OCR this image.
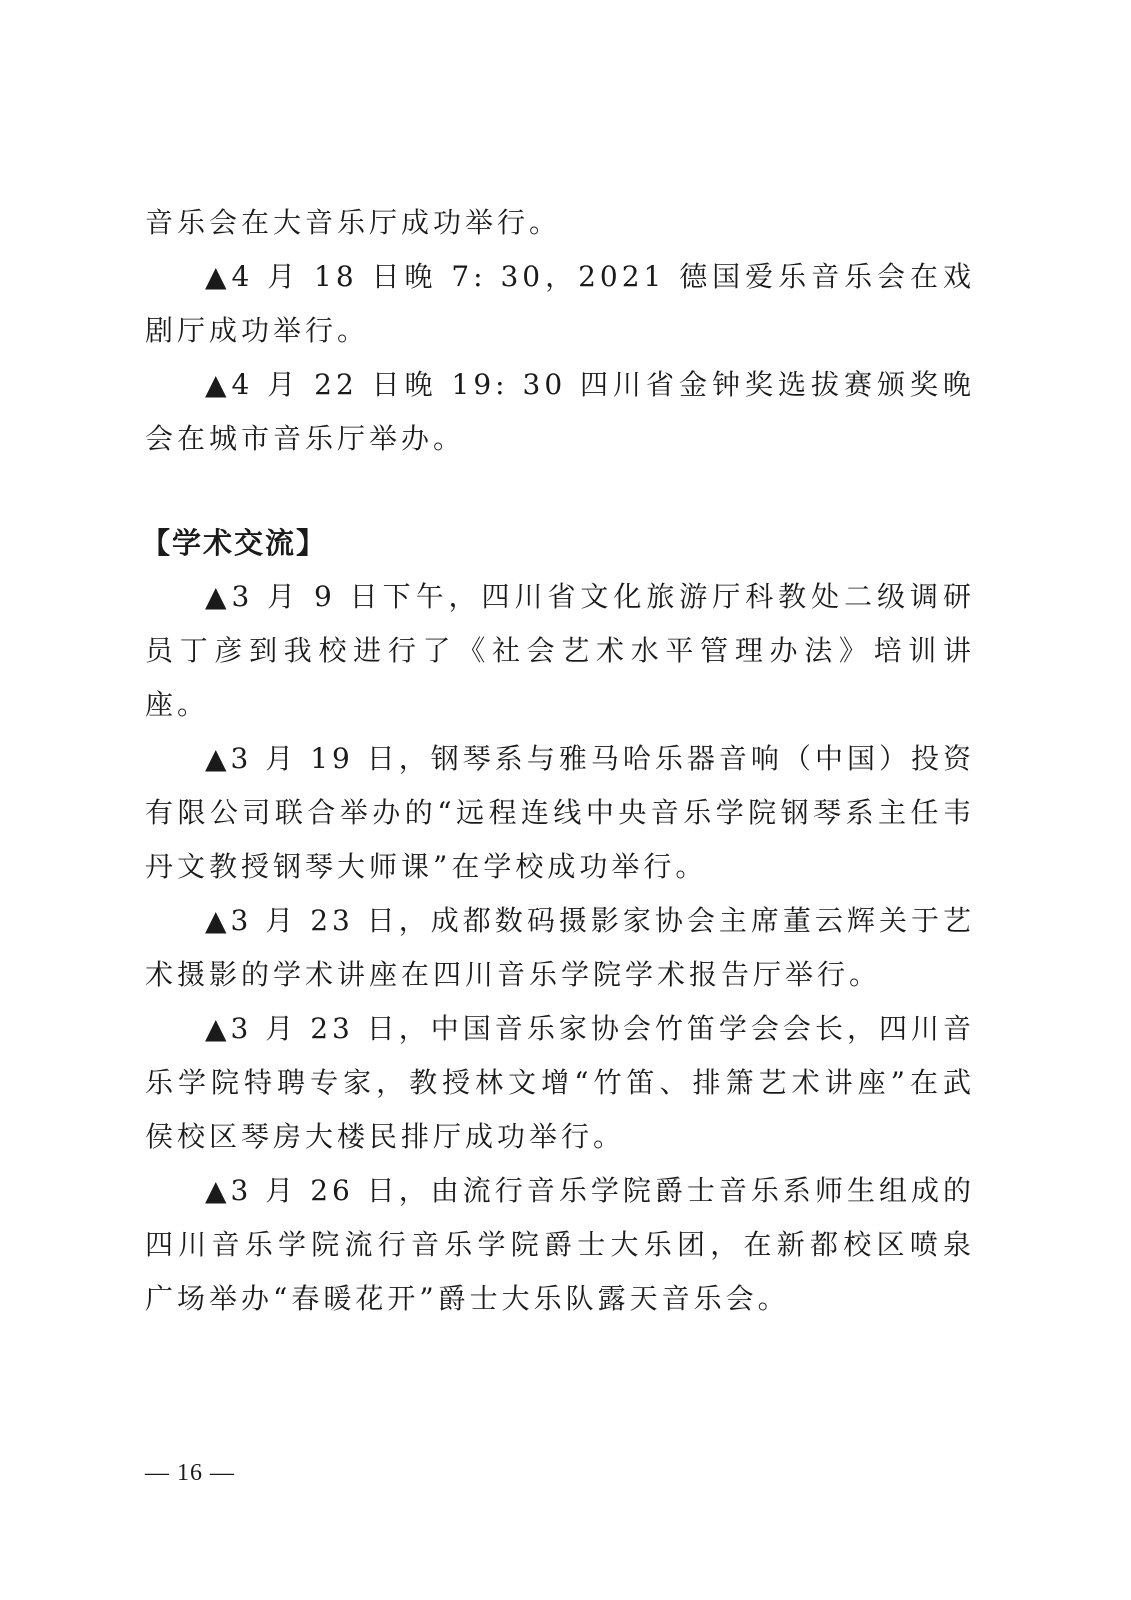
音乐会在大音乐厅成功举行。

▲4 月 18 日晚 7: 30，2021 德国爱乐音乐会在戏剧厅成功举行。

▲4 月 22 日晚 19: 30 四川省金钟奖选拔赛颁奖晚会在城市音乐厅举办。

【学术交流】

▲3 月 9 日下午，四川省文化旅游厅科教处二级调研员丁彦到我校进行了《社会艺术水平管理办法》培训讲座。

▲3 月 19 日，钢琴系与雅马哈乐器音响（中国）投资有限公司联合举办的“远程连线中央音乐学院钢琴系主任韦丹文教授钢琴大师课”在学校成功举行。

▲3 月 23 日，成都数码摄影家协会主席董云辉关于艺术摄影的学术讲座在四川音乐学院学术报告厅举行。

▲3 月 23 日，中国音乐家协会竹笛学会会长，四川音乐学院特聘专家，教授林文增“竹笛、排箫艺术讲座”在武侯校区琴房大楼民排厅成功举行。

▲3 月 26 日，由流行音乐学院爵士音乐系师生组成的四川音乐学院流行音乐学院爵士大乐团，在新都校区喷泉广场举办“春暖花开”爵士大乐队露天音乐会。

— 16 —
